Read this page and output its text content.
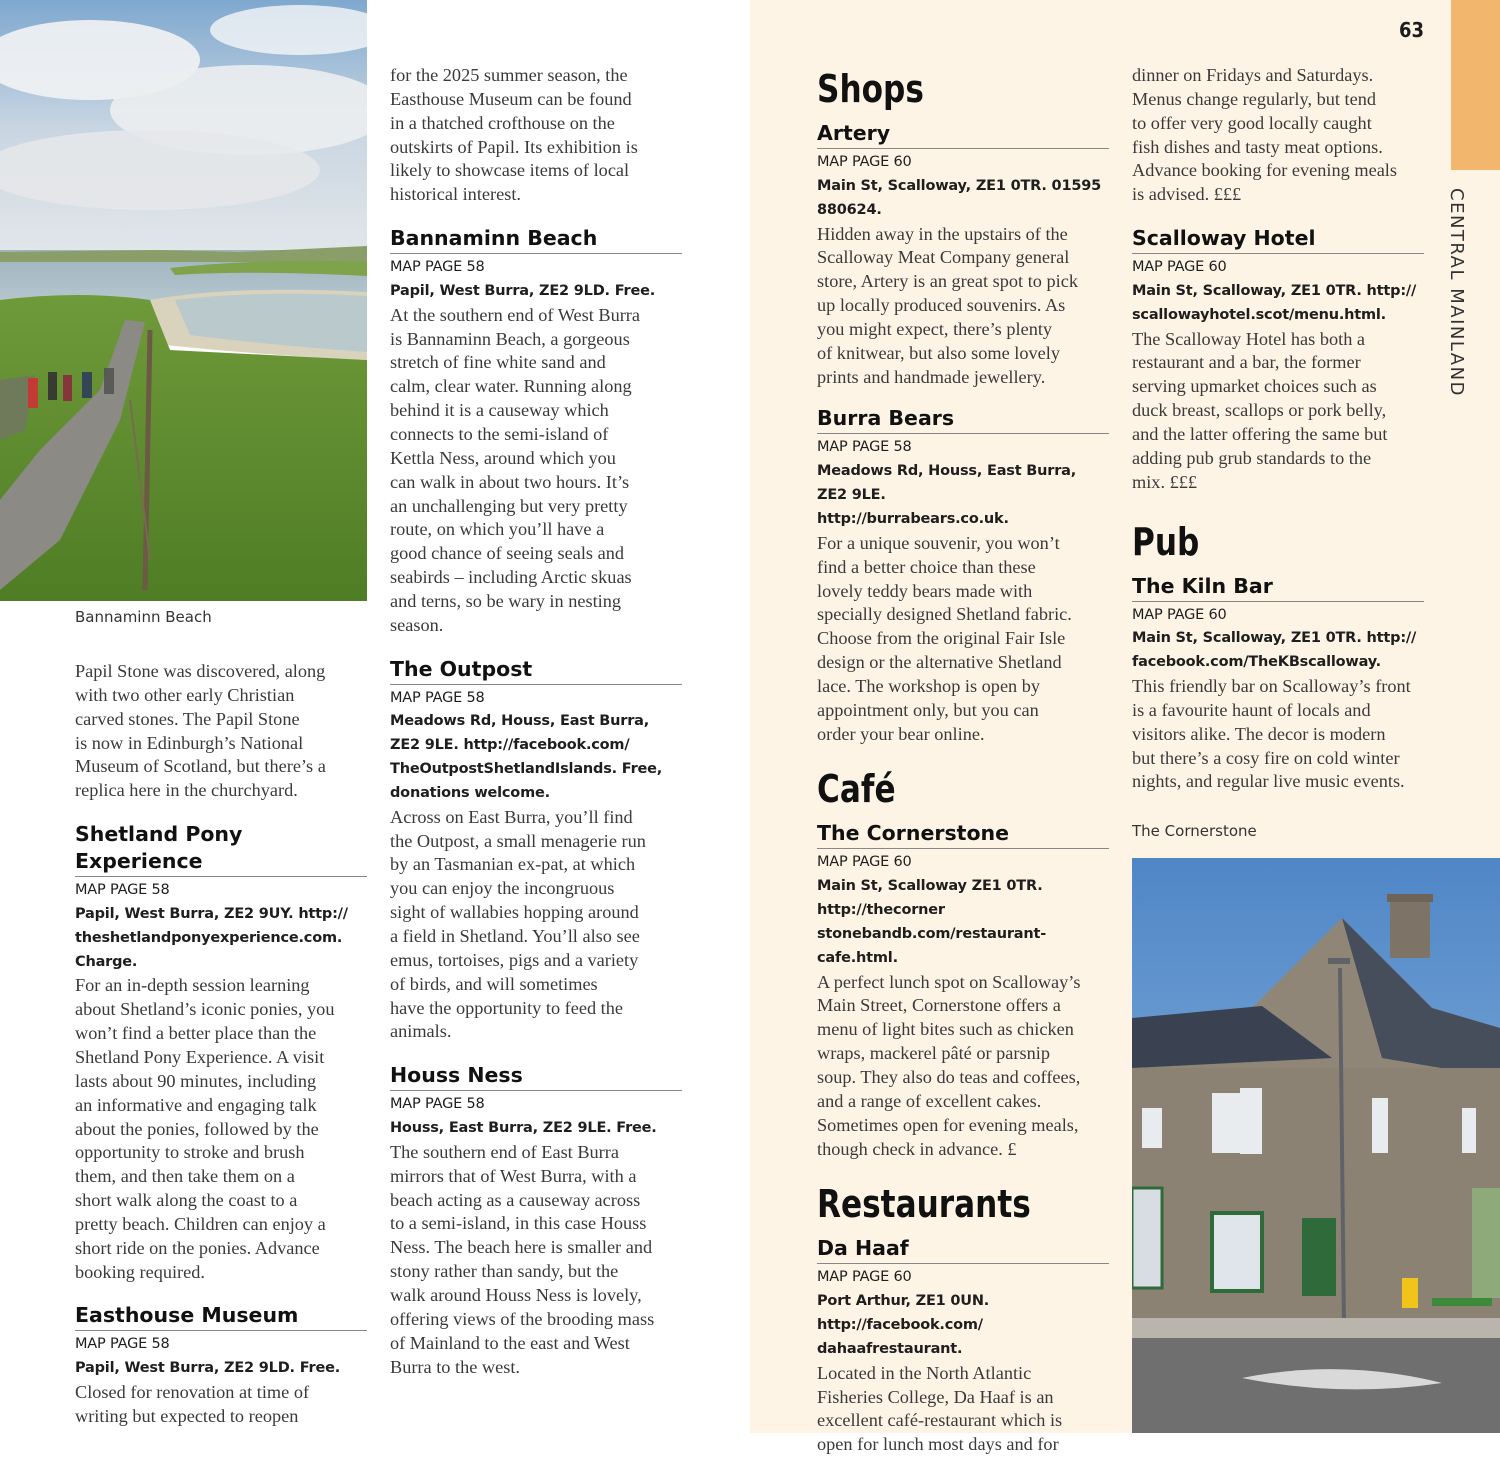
63
CENTRAL MAINLAND
Bannaminn Beach

Papil Stone was discovered, along

with two other early Christian

carved stones. The Papil Stone

is now in Edinburgh’s National

Museum of Scotland, but there’s a

replica here in the churchyard.

Shetland Pony Experience
MAP PAGE 58

Papil, West Burra, ZE2 9UY. http://

theshetlandponyexperience.com. Charge.

For an in-depth session learning

about Shetland’s iconic ponies, you

won’t find a better place than the

Shetland Pony Experience. A visit

lasts about 90 minutes, including

an informative and engaging talk

about the ponies, followed by the

opportunity to stroke and brush

them, and then take them on a

short walk along the coast to a

pretty beach. Children can enjoy a

short ride on the ponies. Advance

booking required.

Easthouse Museum
MAP PAGE 58

Papil, West Burra, ZE2 9LD. Free.

Closed for renovation at time of

writing but expected to reopen

for the 2025 summer season, the

Easthouse Museum can be found

in a thatched crofthouse on the

outskirts of Papil. Its exhibition is

likely to showcase items of local

historical interest.

Bannaminn Beach
MAP PAGE 58

Papil, West Burra, ZE2 9LD. Free.

At the southern end of West Burra

is Bannaminn Beach, a gorgeous

stretch of fine white sand and

calm, clear water. Running along

behind it is a causeway which

connects to the semi-island of

Kettla Ness, around which you

can walk in about two hours. It’s

an unchallenging but very pretty

route, on which you’ll have a

good chance of seeing seals and

seabirds – including Arctic skuas

and terns, so be wary in nesting

season.

The Outpost
MAP PAGE 58

Meadows Rd, Houss, East Burra,

ZE2 9LE. http://facebook.com/

TheOutpostShetlandIslands. Free,

donations welcome.

Across on East Burra, you’ll find

the Outpost, a small menagerie run

by an Tasmanian ex-pat, at which

you can enjoy the incongruous

sight of wallabies hopping around

a field in Shetland. You’ll also see

emus, tortoises, pigs and a variety

of birds, and will sometimes

have the opportunity to feed the

animals.

Houss Ness
MAP PAGE 58

Houss, East Burra, ZE2 9LE. Free.

The southern end of East Burra

mirrors that of West Burra, with a

beach acting as a causeway across

to a semi-island, in this case Houss

Ness. The beach here is smaller and

stony rather than sandy, but the

walk around Houss Ness is lovely,

offering views of the brooding mass

of Mainland to the east and West

Burra to the west.

Shops
Artery
MAP PAGE 60

Main St, Scalloway, ZE1 0TR. 01595 880624.

Hidden away in the upstairs of the

Scalloway Meat Company general

store, Artery is an great spot to pick

up locally produced souvenirs. As

you might expect, there’s plenty

of knitwear, but also some lovely

prints and handmade jewellery.

Burra Bears
MAP PAGE 58

Meadows Rd, Houss, East Burra, ZE2 9LE.

http://burrabears.co.uk.

For a unique souvenir, you won’t

find a better choice than these

lovely teddy bears made with

specially designed Shetland fabric.

Choose from the original Fair Isle

design or the alternative Shetland

lace. The workshop is open by

appointment only, but you can

order your bear online.

Café
The Cornerstone
MAP PAGE 60

Main St, Scalloway ZE1 0TR. http://thecorner

stonebandb.com/restaurant-cafe.html.

A perfect lunch spot on Scalloway’s

Main Street, Cornerstone offers a

menu of light bites such as chicken

wraps, mackerel pâté or parsnip

soup. They also do teas and coffees,

and a range of excellent cakes.

Sometimes open for evening meals,

though check in advance. £

Restaurants
Da Haaf
MAP PAGE 60

Port Arthur, ZE1 0UN. http://facebook.com/

dahaafrestaurant.

Located in the North Atlantic

Fisheries College, Da Haaf is an

excellent café-restaurant which is

open for lunch most days and for

dinner on Fridays and Saturdays.

Menus change regularly, but tend

to offer very good locally caught

fish dishes and tasty meat options.

Advance booking for evening meals

is advised. £££

Scalloway Hotel
MAP PAGE 60

Main St, Scalloway, ZE1 0TR. http://

scallowayhotel.scot/menu.html.

The Scalloway Hotel has both a

restaurant and a bar, the former

serving upmarket choices such as

duck breast, scallops or pork belly,

and the latter offering the same but

adding pub grub standards to the

mix. £££

Pub
The Kiln Bar
MAP PAGE 60

Main St, Scalloway, ZE1 0TR. http://

facebook.com/TheKBscalloway.

This friendly bar on Scalloway’s front

is a favourite haunt of locals and

visitors alike. The decor is modern

but there’s a cosy fire on cold winter

nights, and regular live music events.

The Cornerstone
